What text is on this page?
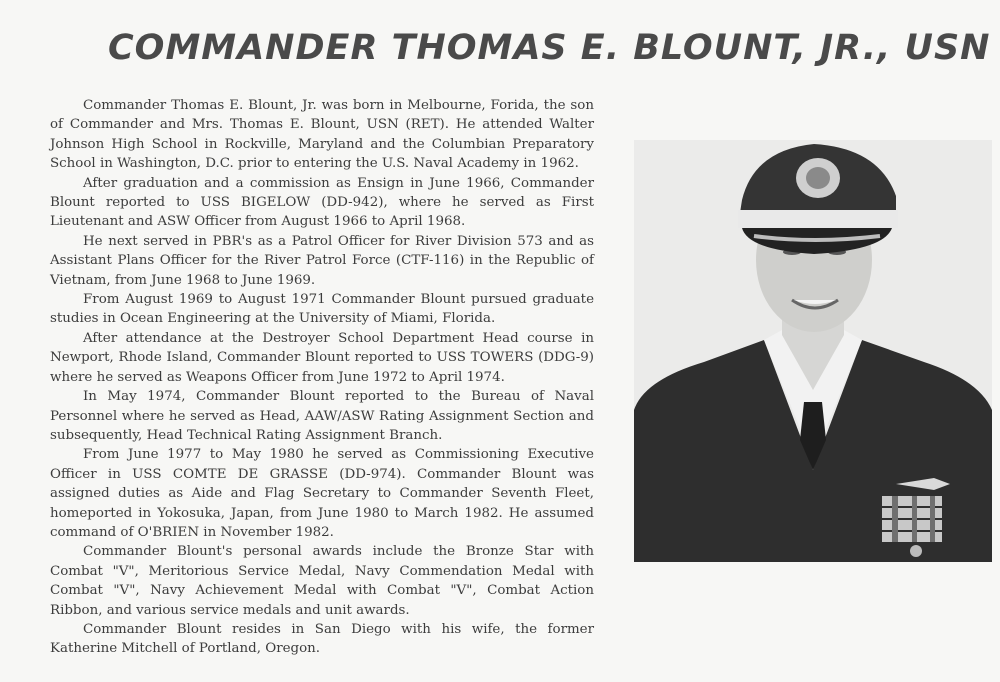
COMMANDER THOMAS E. BLOUNT, JR., USN

Commander Thomas E. Blount, Jr. was born in Melbourne, Forida, the son of Commander and Mrs. Thomas E. Blount, USN (RET). He attended Walter Johnson High School in Rockville, Maryland and the Columbian Preparatory School in Washington, D.C. prior to entering the U.S. Naval Academy in 1962.

After graduation and a commission as Ensign in June 1966, Commander Blount reported to USS BIGELOW (DD-942), where he served as First Lieutenant and ASW Officer from August 1966 to April 1968.

He next served in PBR's as a Patrol Officer for River Division 573 and as Assistant Plans Officer for the River Patrol Force (CTF-116) in the Republic of Vietnam, from June 1968 to June 1969.

From August 1969 to August 1971 Commander Blount pursued graduate studies in Ocean Engineering at the University of Miami, Florida.

After attendance at the Destroyer School Department Head course in Newport, Rhode Island, Commander Blount reported to USS TOWERS (DDG-9) where he served as Weapons Officer from June 1972 to April 1974.

In May 1974, Commander Blount reported to the Bureau of Naval Personnel where he served as Head, AAW/ASW Rating Assignment Section and subsequently, Head Technical Rating Assignment Branch.

From June 1977 to May 1980 he served as Commissioning Executive Officer in USS COMTE DE GRASSE (DD-974). Commander Blount was assigned duties as Aide and Flag Secretary to Commander Seventh Fleet, homeported in Yokosuka, Japan, from June 1980 to March 1982. He assumed command of O'BRIEN in November 1982.

Commander Blount's personal awards include the Bronze Star with Combat "V", Meritorious Service Medal, Navy Commendation Medal with Combat "V", Navy Achievement Medal with Combat "V", Combat Action Ribbon, and various service medals and unit awards.

Commander Blount resides in San Diego with his wife, the former Katherine Mitchell of Portland, Oregon.
